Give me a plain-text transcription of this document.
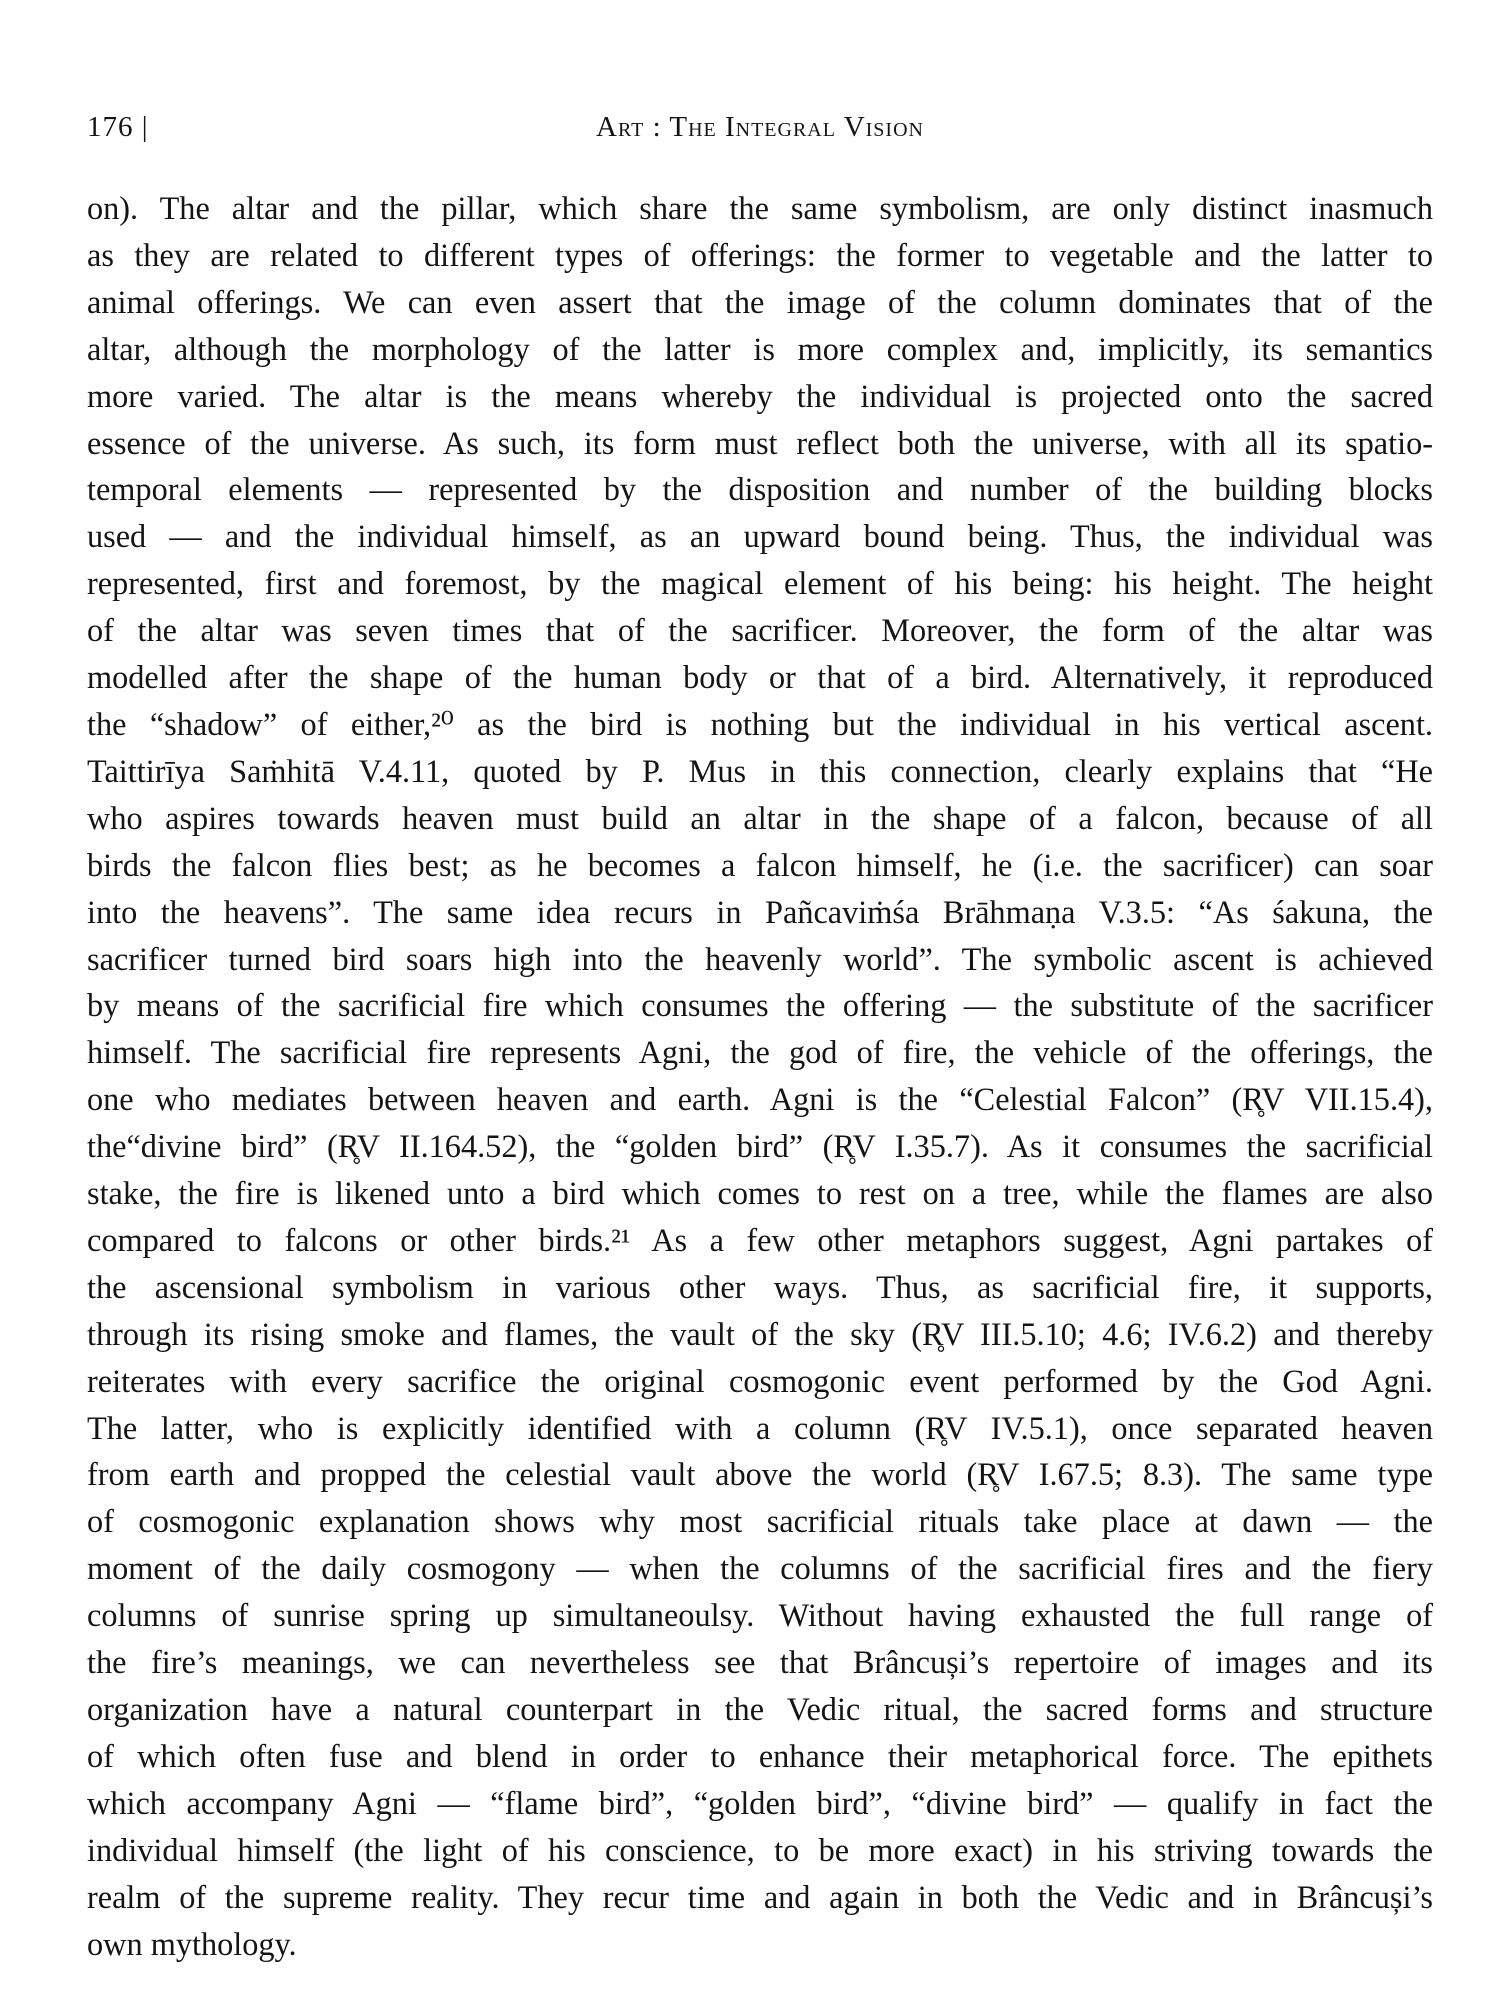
176 |	Art : The Integral Vision
on). The altar and the pillar, which share the same symbolism, are only distinct inasmuch
as they are related to different types of offerings: the former to vegetable and the latter to
animal offerings. We can even assert that the image of the column dominates that of the
altar, although the morphology of the latter is more complex and, implicitly, its semantics
more varied. The altar is the means whereby the individual is projected onto the sacred
essence of the universe. As such, its form must reflect both the universe, with all its spatio-
temporal elements — represented by the disposition and number of the building blocks
used — and the individual himself, as an upward bound being. Thus, the individual was
represented, first and foremost, by the magical element of his being: his height. The height
of the altar was seven times that of the sacrificer. Moreover, the form of the altar was
modelled after the shape of the human body or that of a bird. Alternatively, it reproduced
the “shadow” of either,²⁰ as the bird is nothing but the individual in his vertical ascent.
Taittirīya Saṁhitā V.4.11, quoted by P. Mus in this connection, clearly explains that “He
who aspires towards heaven must build an altar in the shape of a falcon, because of all
birds the falcon flies best; as he becomes a falcon himself, he (i.e. the sacrificer) can soar
into the heavens”. The same idea recurs in Pañcaviṁśa Brāhmaṇa V.3.5: “As śakuna, the
sacrificer turned bird soars high into the heavenly world”. The symbolic ascent is achieved
by means of the sacrificial fire which consumes the offering — the substitute of the sacrificer
himself. The sacrificial fire represents Agni, the god of fire, the vehicle of the offerings, the
one who mediates between heaven and earth. Agni is the “Celestial Falcon” (R̥V VII.15.4),
the“divine bird” (R̥V II.164.52), the “golden bird” (R̥V I.35.7). As it consumes the sacrificial
stake, the fire is likened unto a bird which comes to rest on a tree, while the flames are also
compared to falcons or other birds.²¹ As a few other metaphors suggest, Agni partakes of
the ascensional symbolism in various other ways. Thus, as sacrificial fire, it supports,
through its rising smoke and flames, the vault of the sky (R̥V III.5.10; 4.6; IV.6.2) and thereby
reiterates with every sacrifice the original cosmogonic event performed by the God Agni.
The latter, who is explicitly identified with a column (R̥V IV.5.1), once separated heaven
from earth and propped the celestial vault above the world (R̥V I.67.5; 8.3). The same type
of cosmogonic explanation shows why most sacrificial rituals take place at dawn — the
moment of the daily cosmogony — when the columns of the sacrificial fires and the fiery
columns of sunrise spring up simultaneoulsy. Without having exhausted the full range of
the fire’s meanings, we can nevertheless see that Brâncuși’s repertoire of images and its
organization have a natural counterpart in the Vedic ritual, the sacred forms and structure
of which often fuse and blend in order to enhance their metaphorical force. The epithets
which accompany Agni — “flame bird”, “golden bird”, “divine bird” — qualify in fact the
individual himself (the light of his conscience, to be more exact) in his striving towards the
realm of the supreme reality. They recur time and again in both the Vedic and in Brâncuși’s
own mythology.
